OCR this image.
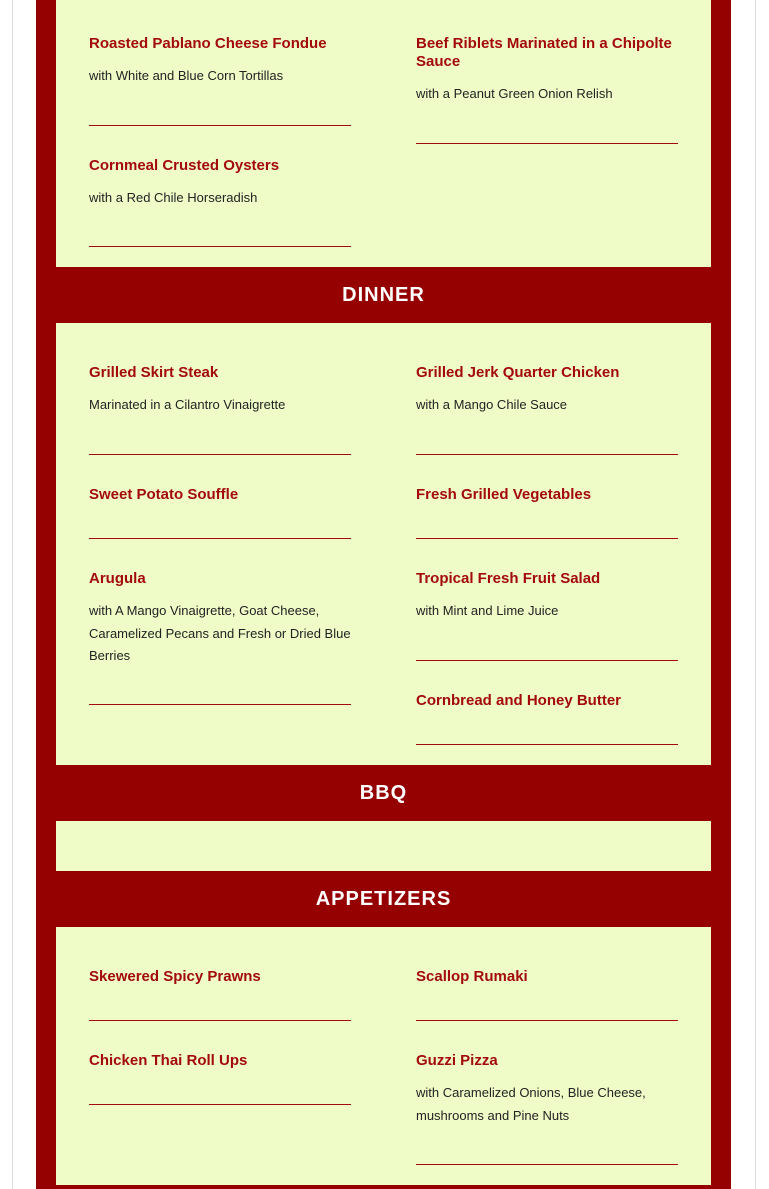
Roasted Pablano Cheese Fondue

with White and Blue Corn Tortillas

Beef Riblets Marinated in a Chipolte Sauce

with a Peanut Green Onion Relish

Cornmeal Crusted Oysters

with a Red Chile Horseradish

DINNER

Grilled Skirt Steak

Marinated in a Cilantro Vinaigrette

Grilled Jerk Quarter Chicken

with a Mango Chile Sauce

Sweet Potato Souffle	Fresh Grilled Vegetables

Arugula

with A Mango Vinaigrette, Goat Cheese, Caramelized Pecans and Fresh or Dried Blue Berries

Tropical Fresh Fruit Salad

with Mint and Lime Juice

Cornbread and Honey Butter

BBQ
APPETIZERS

Skewered Spicy Prawns	Scallop Rumaki

Chicken Thai Roll Ups	Guzzi Pizza

with Caramelized Onions, Blue Cheese, mushrooms and Pine Nuts
